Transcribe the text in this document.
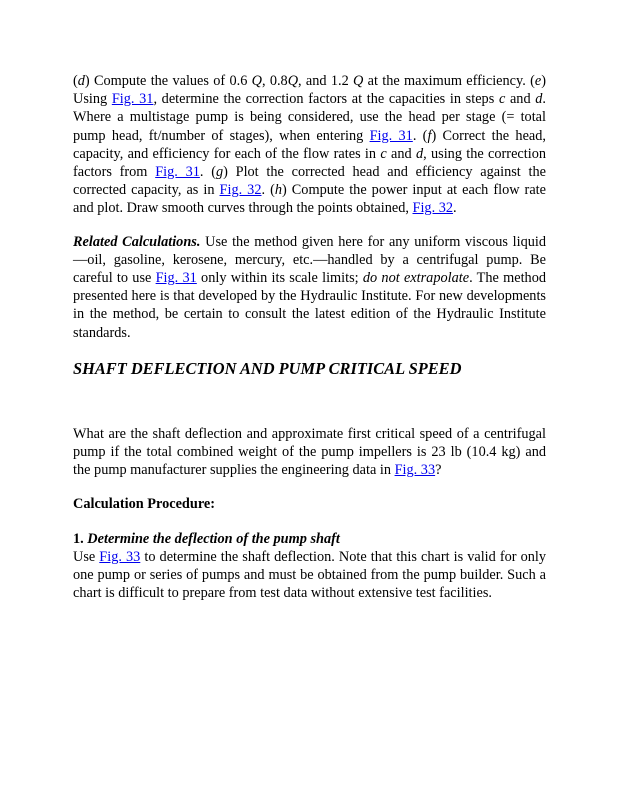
(d) Compute the values of 0.6 Q, 0.8Q, and 1.2 Q at the maximum efficiency. (e) Using Fig. 31, determine the correction factors at the capacities in steps c and d. Where a multistage pump is being considered, use the head per stage (= total pump head, ft/number of stages), when entering Fig. 31. (f) Correct the head, capacity, and efficiency for each of the flow rates in c and d, using the correction factors from Fig. 31. (g) Plot the corrected head and efficiency against the corrected capacity, as in Fig. 32. (h) Compute the power input at each flow rate and plot. Draw smooth curves through the points obtained, Fig. 32.

Related Calculations. Use the method given here for any uniform viscous liquid—oil, gasoline, kerosene, mercury, etc.—handled by a centrifugal pump. Be careful to use Fig. 31 only within its scale limits; do not extrapolate. The method presented here is that developed by the Hydraulic Institute. For new developments in the method, be certain to consult the latest edition of the Hydraulic Institute standards.

SHAFT DEFLECTION AND PUMP CRITICAL SPEED

What are the shaft deflection and approximate first critical speed of a centrifugal pump if the total combined weight of the pump impellers is 23 lb (10.4 kg) and the pump manufacturer supplies the engineering data in Fig. 33?

Calculation Procedure:

1. Determine the deflection of the pump shaft

Use Fig. 33 to determine the shaft deflection. Note that this chart is valid for only one pump or series of pumps and must be obtained from the pump builder. Such a chart is difficult to prepare from test data without extensive test facilities.
